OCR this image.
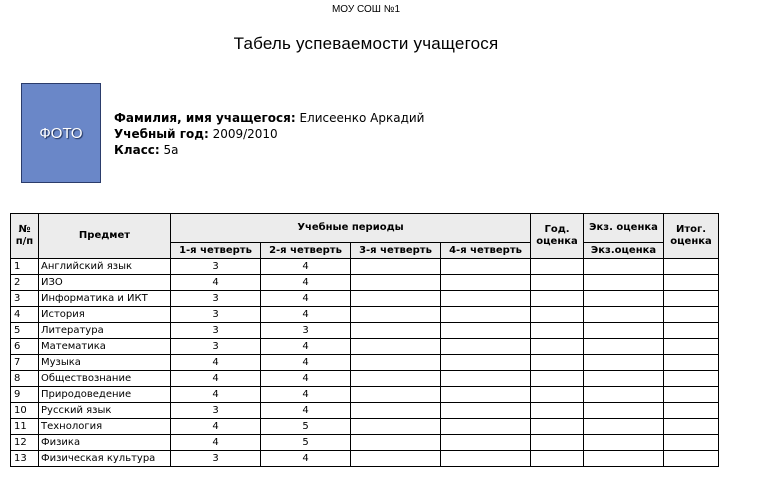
МОУ СОШ №1
Табель успеваемости учащегося
ФОТО
Фамилия, имя учащегося: Елисеенко Аркадий
Учебный год: 2009/2010
Класс: 5а
№ п/п	Предмет	Учебные периоды				Год. оценка	Экз. оценка	Итог. оценка
		1-я четверть	2-я четверть	3-я четверть	4-я четверть		Экз.оценка	
1	Английский язык	3	4					
2	ИЗО	4	4					
3	Информатика и ИКТ	3	4					
4	История	3	4					
5	Литература	3	3					
6	Математика	3	4					
7	Музыка	4	4					
8	Обществознание	4	4					
9	Природоведение	4	4					
10	Русский язык	3	4					
11	Технология	4	5					
12	Физика	4	5					
13	Физическая культура	3	4					
